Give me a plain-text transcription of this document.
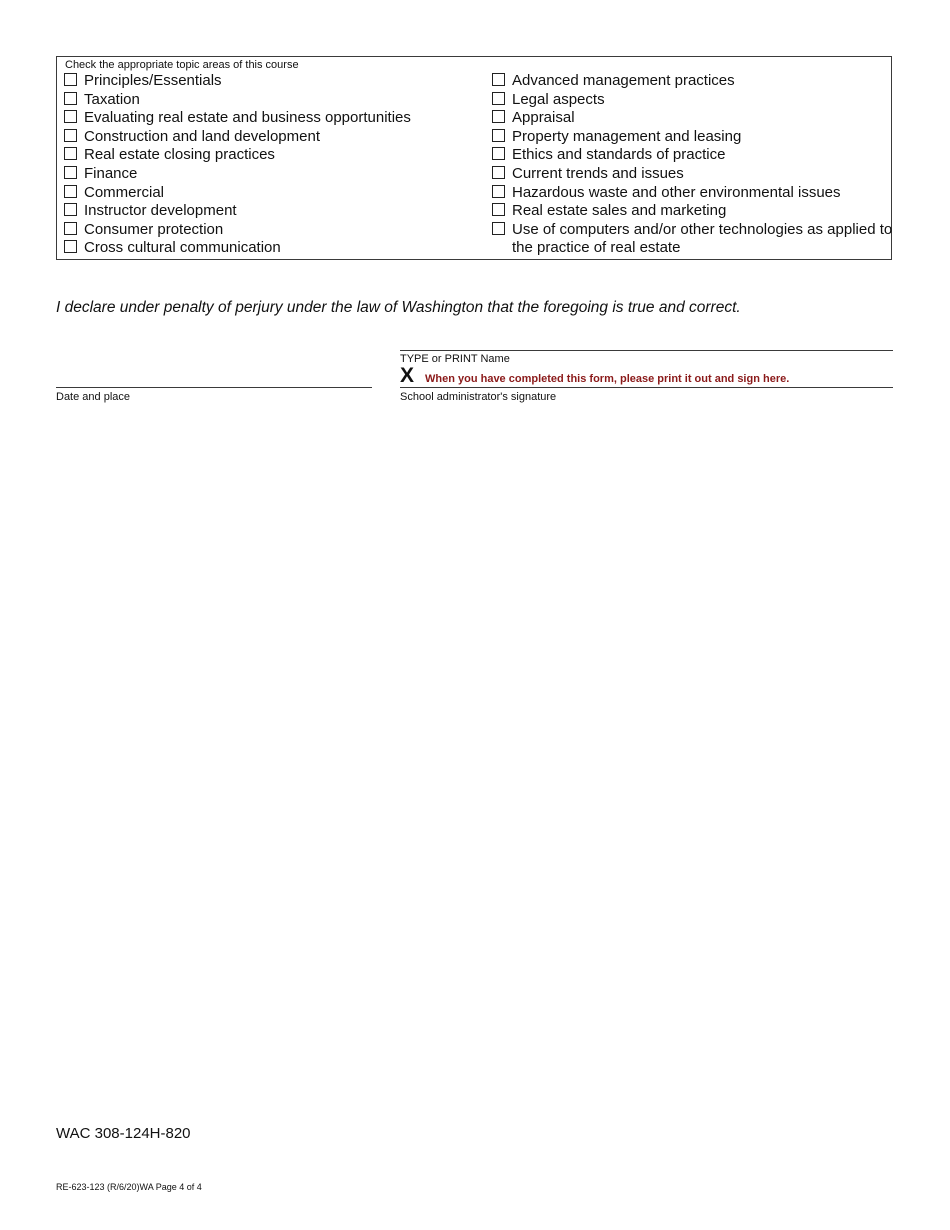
Check the appropriate topic areas of this course
Principles/Essentials
Taxation
Evaluating real estate and business opportunities
Construction and land development
Real estate closing practices
Finance
Commercial
Instructor development
Consumer protection
Cross cultural communication
Advanced management practices
Legal aspects
Appraisal
Property management and leasing
Ethics and standards of practice
Current trends and issues
Hazardous waste and other environmental issues
Real estate sales and marketing
Use of computers and/or other technologies as applied to the practice of real estate
I declare under penalty of perjury under the law of Washington that the foregoing is true and correct.
TYPE or PRINT Name
X When you have completed this form, please print it out and sign here.
School administrator's signature
Date and place
WAC 308-124H-820
RE-623-123 (R/6/20)WA Page 4 of 4
